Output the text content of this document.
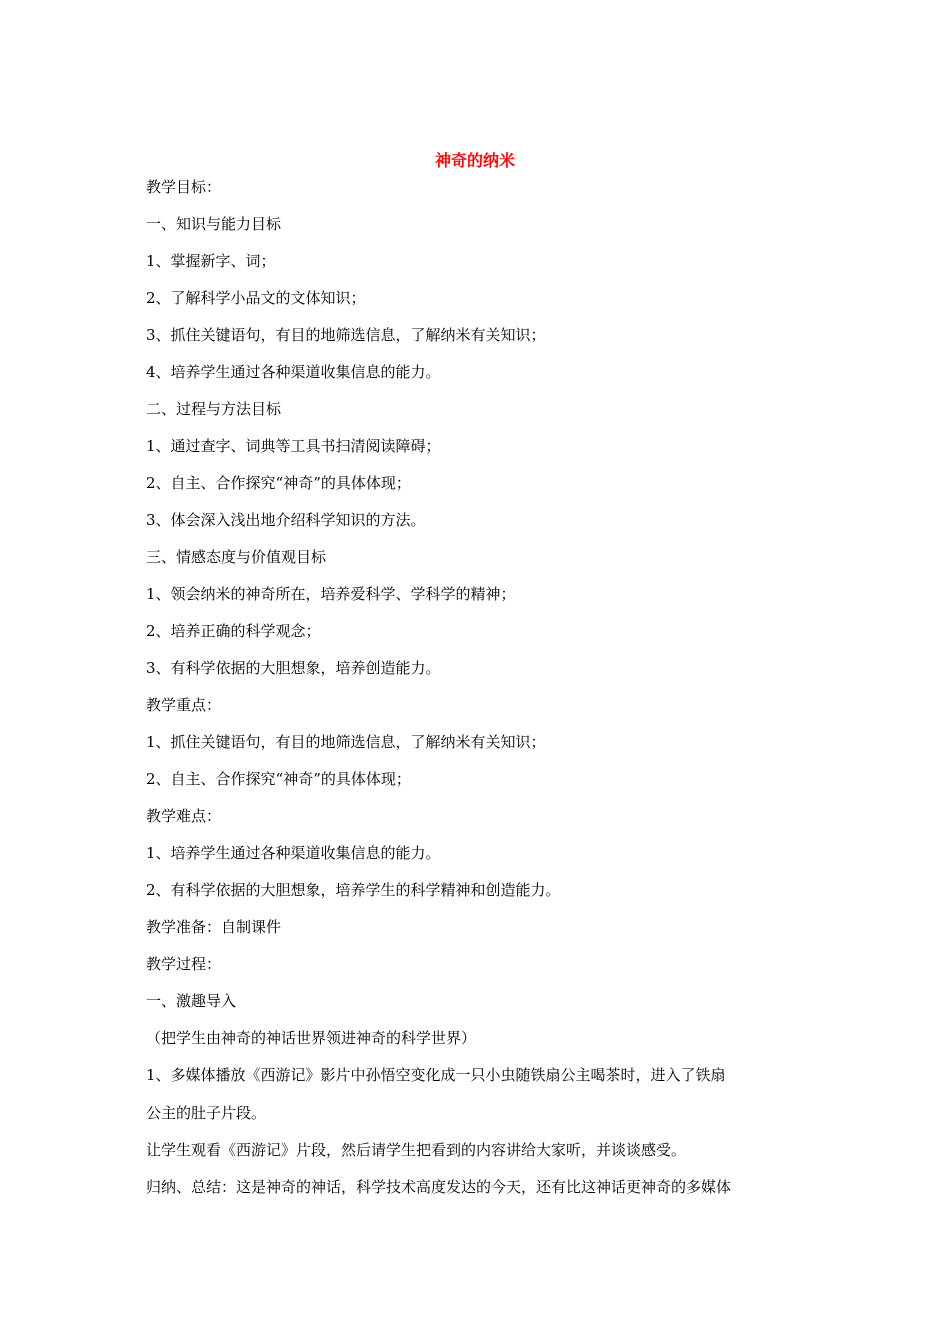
神奇的纳米
教学目标：
一、知识与能力目标
1、掌握新字、词；
2、了解科学小品文的文体知识；
3、抓住关键语句，有目的地筛选信息，了解纳米有关知识；
4、培养学生通过各种渠道收集信息的能力。
二、过程与方法目标
1、通过查字、词典等工具书扫清阅读障碍；
2、自主、合作探究“神奇”的具体体现；
3、体会深入浅出地介绍科学知识的方法。
三、情感态度与价值观目标
1、领会纳米的神奇所在，培养爱科学、学科学的精神；
2、培养正确的科学观念；
3、有科学依据的大胆想象，培养创造能力。
教学重点：
1、抓住关键语句，有目的地筛选信息，了解纳米有关知识；
2、自主、合作探究“神奇”的具体体现；
教学难点：
1、培养学生通过各种渠道收集信息的能力。
2、有科学依据的大胆想象，培养学生的科学精神和创造能力。
教学准备：自制课件
教学过程：
一、激趣导入
（把学生由神奇的神话世界领进神奇的科学世界）
1、多媒体播放《西游记》影片中孙悟空变化成一只小虫随铁扇公主喝茶时，进入了铁扇
公主的肚子片段。
让学生观看《西游记》片段，然后请学生把看到的内容讲给大家听，并谈谈感受。
归纳、总结：这是神奇的神话，科学技术高度发达的今天，还有比这神话更神奇的多媒体
